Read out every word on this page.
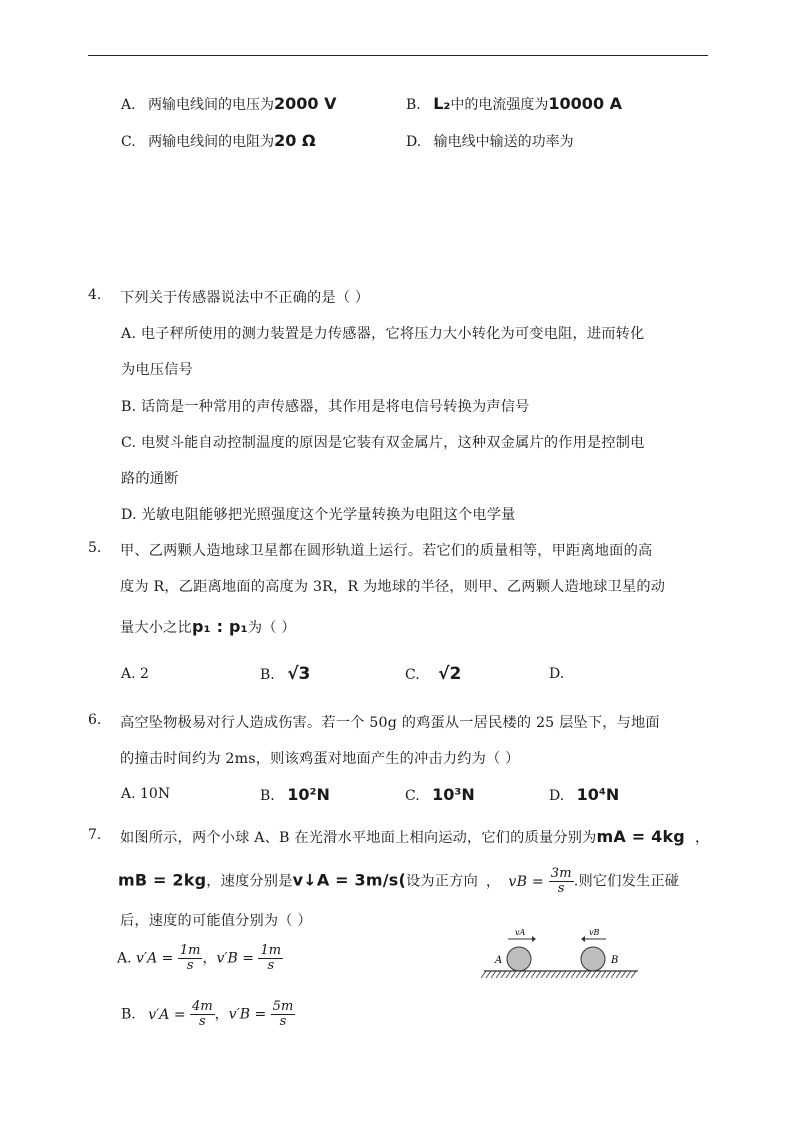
A. 两输电线间的电压为2000 V	B. L₂中的电流强度为10000 A
C. 两输电线间的电阻为20 Ω	D. 输电线中输送的功率为
4. 下列关于传感器说法中不正确的是（ ）
A. 电子秤所使用的测力装置是力传感器，它将压力大小转化为可变电阻，进而转化
为电压信号
B. 话筒是一种常用的声传感器，其作用是将电信号转换为声信号
C. 电熨斗能自动控制温度的原因是它装有双金属片，这种双金属片的作用是控制电
路的通断
D. 光敏电阻能够把光照强度这个光学量转换为电阻这个电学量
5. 甲、乙两颗人造地球卫星都在圆形轨道上运行。若它们的质量相等，甲距离地面的高
度为 R，乙距离地面的高度为 3R，R 为地球的半径，则甲、乙两颗人造地球卫星的动
量大小之比p₁ : p₁为（ ）
A. 2	B. √3	C. √2	D.
6. 高空坠物极易对行人造成伤害。若一个 50g 的鸡蛋从一居民楼的 25 层坠下，与地面
的撞击时间约为 2ms，则该鸡蛋对地面产生的冲击力约为（ ）
A. 10N	B. 10²N	C. 10³N	D. 10⁴N
7. 如图所示，两个小球 A、B 在光滑水平地面上相向运动，它们的质量分别为mA = 4kg ，
mB = 2kg，速度分别是v↓A = 3m/s(设为正方向 ， vB = $\frac{3m}{s}$ .则它们发生正碰
后，速度的可能值分别为（ ）
A. $v'A = \frac{1m}{s}$ ，$v'B = \frac{1m}{s}$
B. $v'A = \frac{4m}{s}$ ，$v'B = \frac{5m}{s}$
vA	vB
A	B
